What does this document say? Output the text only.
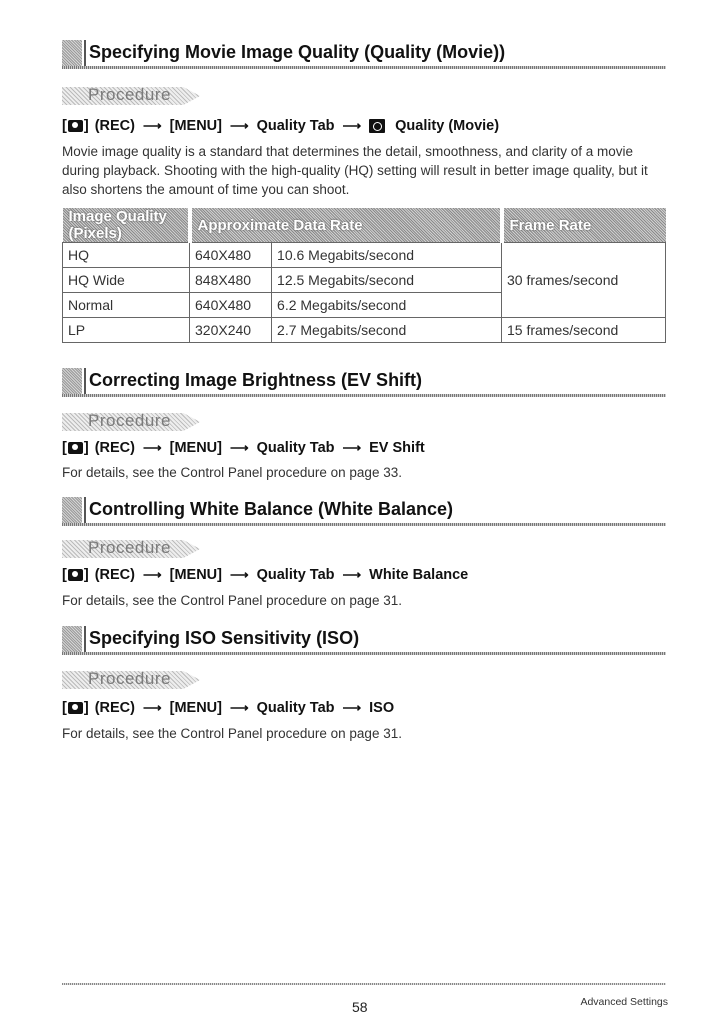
Specifying Movie Image Quality (Quality (Movie))
Procedure
[ ] (REC) ⟶ [MENU] ⟶ Quality Tab ⟶ Quality (Movie)
Movie image quality is a standard that determines the detail, smoothness, and clarity of a movie during playback. Shooting with the high-quality (HQ) setting will result in better image quality, but it also shortens the amount of time you can shoot.
Image Quality (Pixels)	Approximate Data Rate		Frame Rate
HQ	640X480	10.6 Megabits/second	30 frames/second
HQ Wide	848X480	12.5 Megabits/second	
Normal	640X480	6.2 Megabits/second	
LP	320X240	2.7 Megabits/second	15 frames/second
Correcting Image Brightness (EV Shift)
Procedure
[ ] (REC) ⟶ [MENU] ⟶ Quality Tab ⟶ EV Shift
For details, see the Control Panel procedure on page 33.
Controlling White Balance (White Balance)
Procedure
[ ] (REC) ⟶ [MENU] ⟶ Quality Tab ⟶ White Balance
For details, see the Control Panel procedure on page 31.
Specifying ISO Sensitivity (ISO)
Procedure
[ ] (REC) ⟶ [MENU] ⟶ Quality Tab ⟶ ISO
For details, see the Control Panel procedure on page 31.
58	Advanced Settings
